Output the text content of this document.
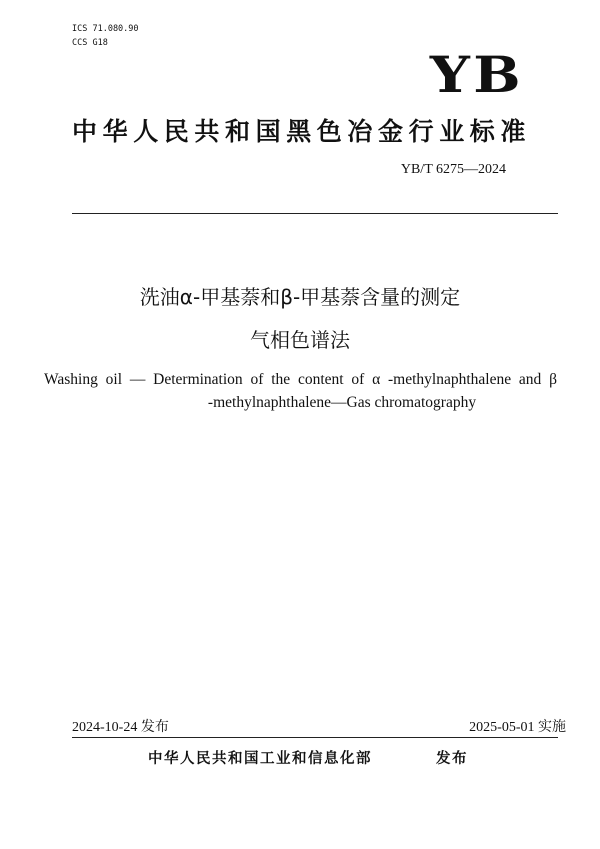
ICS 71.080.90
CCS G18
YB
中华人民共和国黑色冶金行业标准
YB/T 6275—2024
洗油α-甲基萘和β-甲基萘含量的测定
气相色谱法
Washing oil — Determination of the content of α -methylnaphthalene and β
-methylnaphthalene—Gas chromatography
2024-10-24 发布	2025-05-01 实施
中华人民共和国工业和信息化部	发布
